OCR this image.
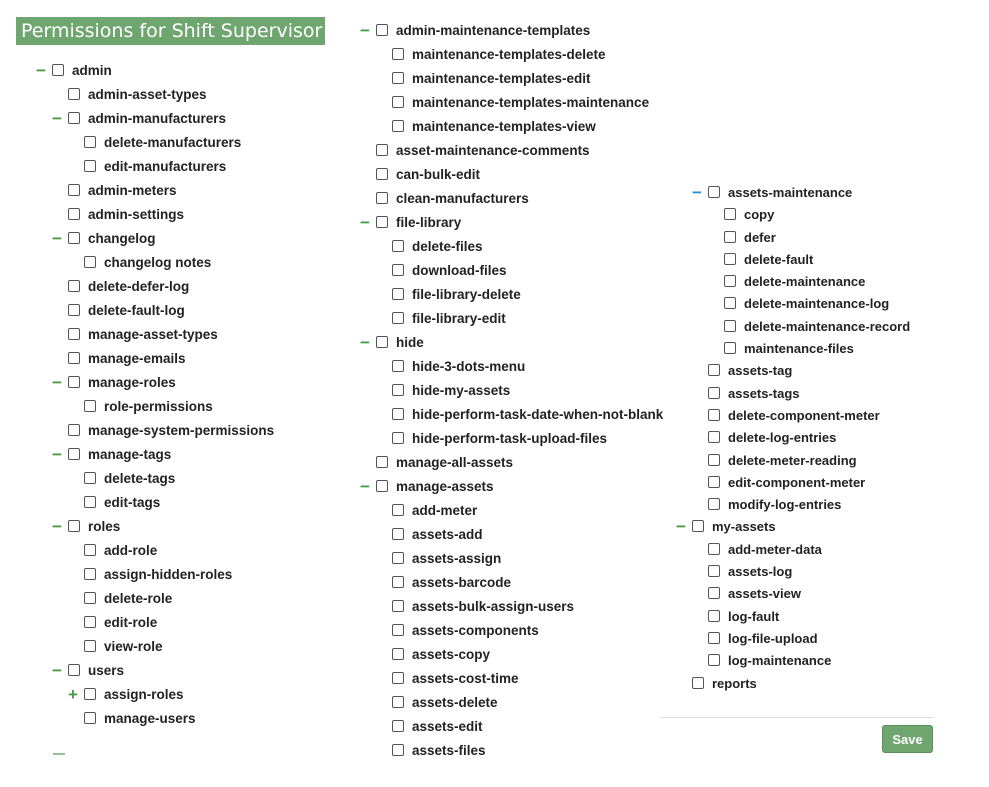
Permissions for Shift Supervisor
− admin
admin-asset-types
− admin-manufacturers
delete-manufacturers
edit-manufacturers
admin-meters
admin-settings
− changelog
changelog notes
delete-defer-log
delete-fault-log
manage-asset-types
manage-emails
− manage-roles
role-permissions
manage-system-permissions
− manage-tags
delete-tags
edit-tags
− roles
add-role
assign-hidden-roles
delete-role
edit-role
view-role
− users
+ assign-roles
manage-users
− admin-maintenance-templates
maintenance-templates-delete
maintenance-templates-edit
maintenance-templates-maintenance
maintenance-templates-view
asset-maintenance-comments
can-bulk-edit
clean-manufacturers
− file-library
delete-files
download-files
file-library-delete
file-library-edit
− hide
hide-3-dots-menu
hide-my-assets
hide-perform-task-date-when-not-blank
hide-perform-task-upload-files
manage-all-assets
− manage-assets
add-meter
assets-add
assets-assign
assets-barcode
assets-bulk-assign-users
assets-components
assets-copy
assets-cost-time
assets-delete
assets-edit
assets-files
− assets-maintenance
copy
defer
delete-fault
delete-maintenance
delete-maintenance-log
delete-maintenance-record
maintenance-files
assets-tag
assets-tags
delete-component-meter
delete-log-entries
delete-meter-reading
edit-component-meter
modify-log-entries
− my-assets
add-meter-data
assets-log
assets-view
log-fault
log-file-upload
log-maintenance
reports
Save
